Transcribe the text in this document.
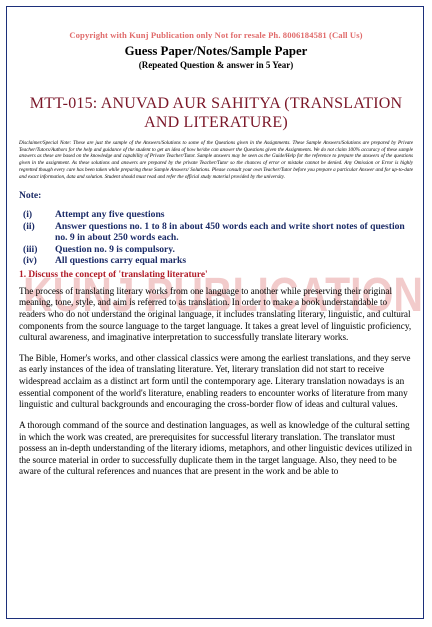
KUNJ PUBLICATION
Copyright with Kunj Publication only Not for resale Ph. 8006184581 (Call Us)
Guess Paper/Notes/Sample Paper
(Repeated Question & answer in 5 Year)
MTT-015: ANUVAD AUR SAHITYA (TRANSLATION
AND LITERATURE)
Disclaimer/Special Note: These are just the sample of the Answers/Solutions to some of the Questions given in the Assignments. These Sample Answers/Solutions are prepared by Private Teacher/Tutors/Authors for the help and guidance of the student to get an idea of how he/she can answer the Questions given the Assignments. We do not claim 100% accuracy of these sample answers as these are based on the knowledge and capability of Private Teacher/Tutor. Sample answers may be seen as the Guide/Help for the reference to prepare the answers of the questions given in the assignment. As these solutions and answers are prepared by the private Teacher/Tutor so the chances of error or mistake cannot be denied. Any Omission or Error is highly regretted though every care has been taken while preparing these Sample Answers/ Solutions. Please consult your own Teacher/Tutor before you prepare a particular Answer and for up-to-date and exact information, data and solution. Student should must read and refer the official study material provided by the university.
Note:
(i)	Attempt any five questions
(ii)	Answer questions no. 1 to 8 in about 450 words each and write short notes of question no. 9 in about 250 words each.
(iii)	Question no. 9 is compulsory.
(iv)	All questions carry equal marks
1. Discuss the concept of 'translating literature'

The process of translating literary works from one language to another while preserving their original meaning, tone, style, and aim is referred to as translation. In order to make a book understandable to readers who do not understand the original language, it includes translating literary, linguistic, and cultural components from the source language to the target language. It takes a great level of linguistic proficiency, cultural awareness, and imaginative interpretation to successfully translate literary works.

The Bible, Homer's works, and other classical classics were among the earliest translations, and they serve as early instances of the idea of translating literature. Yet, literary translation did not start to receive widespread acclaim as a distinct art form until the contemporary age. Literary translation nowadays is an essential component of the world's literature, enabling readers to encounter works of literature from many linguistic and cultural backgrounds and encouraging the cross-border flow of ideas and cultural values.

A thorough command of the source and destination languages, as well as knowledge of the cultural setting in which the work was created, are prerequisites for successful literary translation. The translator must possess an in-depth understanding of the literary idioms, metaphors, and other linguistic devices utilized in the source material in order to successfully duplicate them in the target language. Also, they need to be aware of the cultural references and nuances that are present in the work and be able to
